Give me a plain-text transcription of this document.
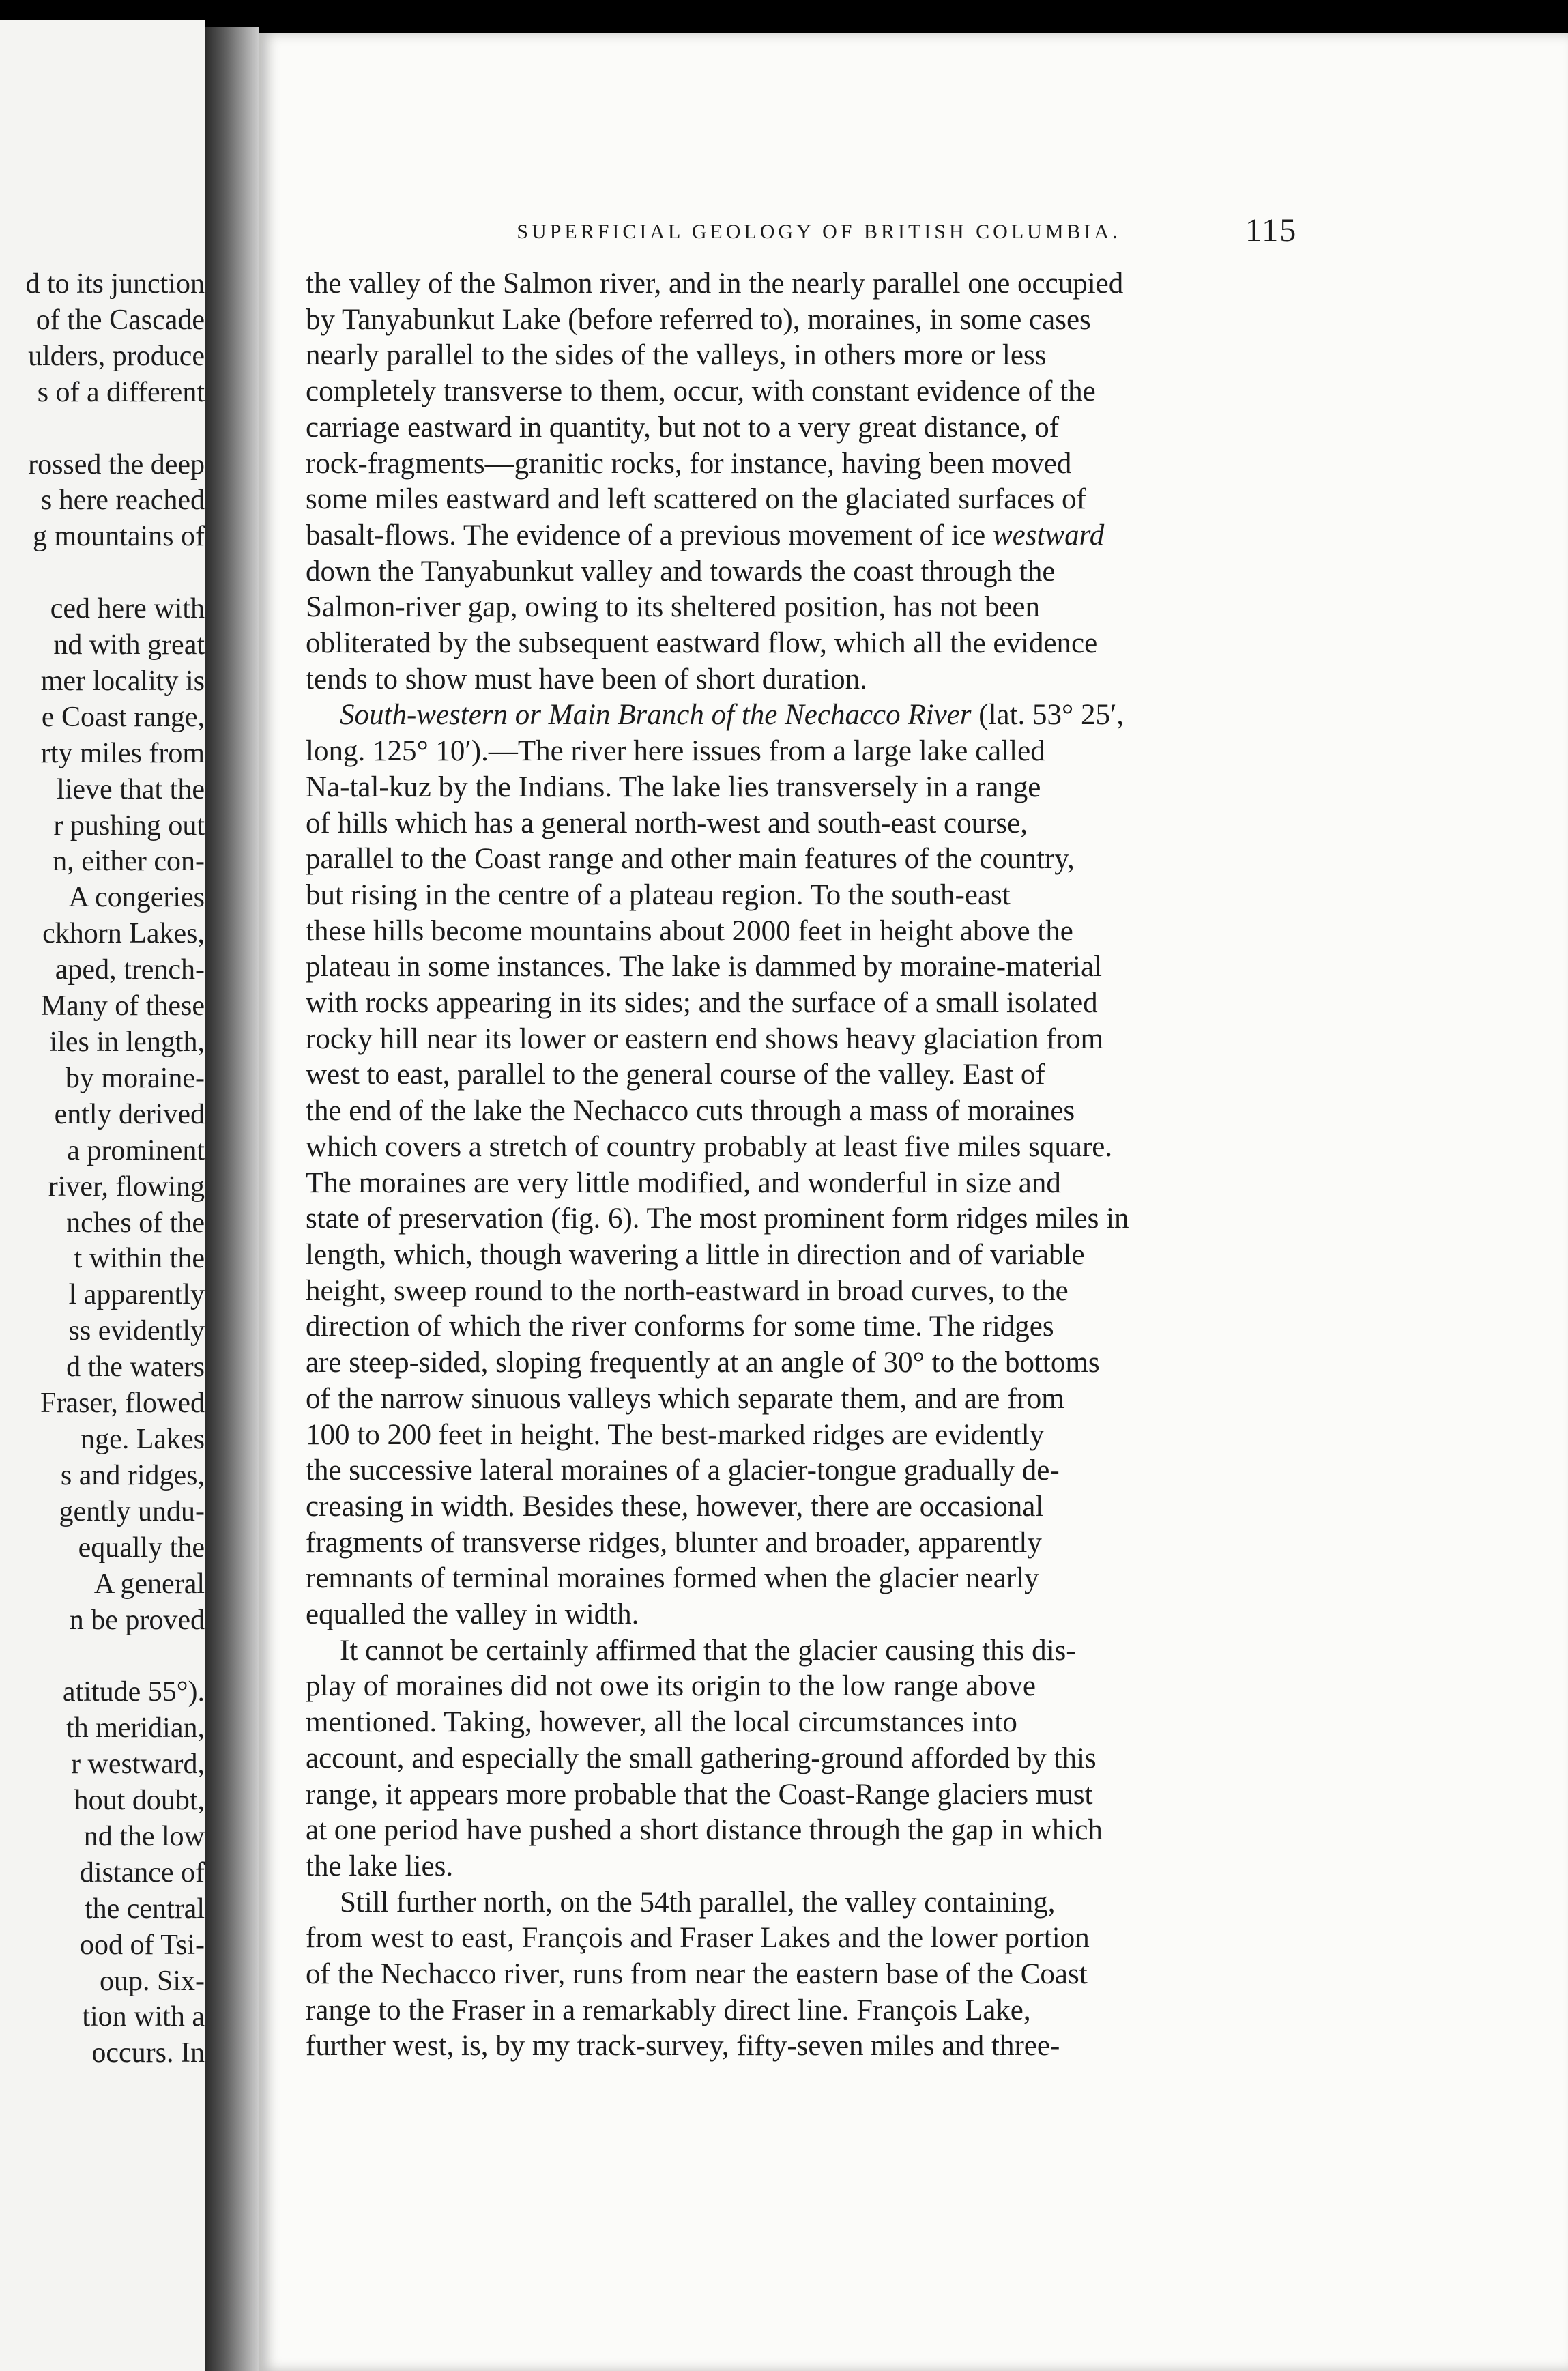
d to its junction
of the Cascade
ulders, produce
s of a different
rossed the deep
s here reached
g mountains of
ced here with
nd with great
mer locality is
e Coast range,
rty miles from
lieve that the
r pushing out
n, either con-
A congeries
ckhorn Lakes,
aped, trench-
Many of these
iles in length,
by moraine-
ently derived
a prominent
river, flowing
nches of the
t within the
l apparently
ss evidently
d the waters
Fraser, flowed
nge. Lakes
s and ridges,
gently undu-
equally the
A general
n be proved
atitude 55°).
th meridian,
r westward,
hout doubt,
nd the low
distance of
the central
ood of Tsi-
oup. Six-
tion with a
occurs. In
SUPERFICIAL GEOLOGY OF BRITISH COLUMBIA.	115
the valley of the Salmon river, and in the nearly parallel one occupied
by Tanyabunkut Lake (before referred to), moraines, in some cases
nearly parallel to the sides of the valleys, in others more or less
completely transverse to them, occur, with constant evidence of the
carriage eastward in quantity, but not to a very great distance, of
rock-fragments—granitic rocks, for instance, having been moved
some miles eastward and left scattered on the glaciated surfaces of
basalt-flows. The evidence of a previous movement of ice westward
down the Tanyabunkut valley and towards the coast through the
Salmon-river gap, owing to its sheltered position, has not been
obliterated by the subsequent eastward flow, which all the evidence
tends to show must have been of short duration.
South-western or Main Branch of the Nechacco River (lat. 53° 25′,
long. 125° 10′).—The river here issues from a large lake called
Na-tal-kuz by the Indians. The lake lies transversely in a range
of hills which has a general north-west and south-east course,
parallel to the Coast range and other main features of the country,
but rising in the centre of a plateau region. To the south-east
these hills become mountains about 2000 feet in height above the
plateau in some instances. The lake is dammed by moraine-material
with rocks appearing in its sides; and the surface of a small isolated
rocky hill near its lower or eastern end shows heavy glaciation from
west to east, parallel to the general course of the valley. East of
the end of the lake the Nechacco cuts through a mass of moraines
which covers a stretch of country probably at least five miles square.
The moraines are very little modified, and wonderful in size and
state of preservation (fig. 6). The most prominent form ridges miles in
length, which, though wavering a little in direction and of variable
height, sweep round to the north-eastward in broad curves, to the
direction of which the river conforms for some time. The ridges
are steep-sided, sloping frequently at an angle of 30° to the bottoms
of the narrow sinuous valleys which separate them, and are from
100 to 200 feet in height. The best-marked ridges are evidently
the successive lateral moraines of a glacier-tongue gradually de-
creasing in width. Besides these, however, there are occasional
fragments of transverse ridges, blunter and broader, apparently
remnants of terminal moraines formed when the glacier nearly
equalled the valley in width.
It cannot be certainly affirmed that the glacier causing this dis-
play of moraines did not owe its origin to the low range above
mentioned. Taking, however, all the local circumstances into
account, and especially the small gathering-ground afforded by this
range, it appears more probable that the Coast-Range glaciers must
at one period have pushed a short distance through the gap in which
the lake lies.
Still further north, on the 54th parallel, the valley containing,
from west to east, François and Fraser Lakes and the lower portion
of the Nechacco river, runs from near the eastern base of the Coast
range to the Fraser in a remarkably direct line. François Lake,
further west, is, by my track-survey, fifty-seven miles and three-
